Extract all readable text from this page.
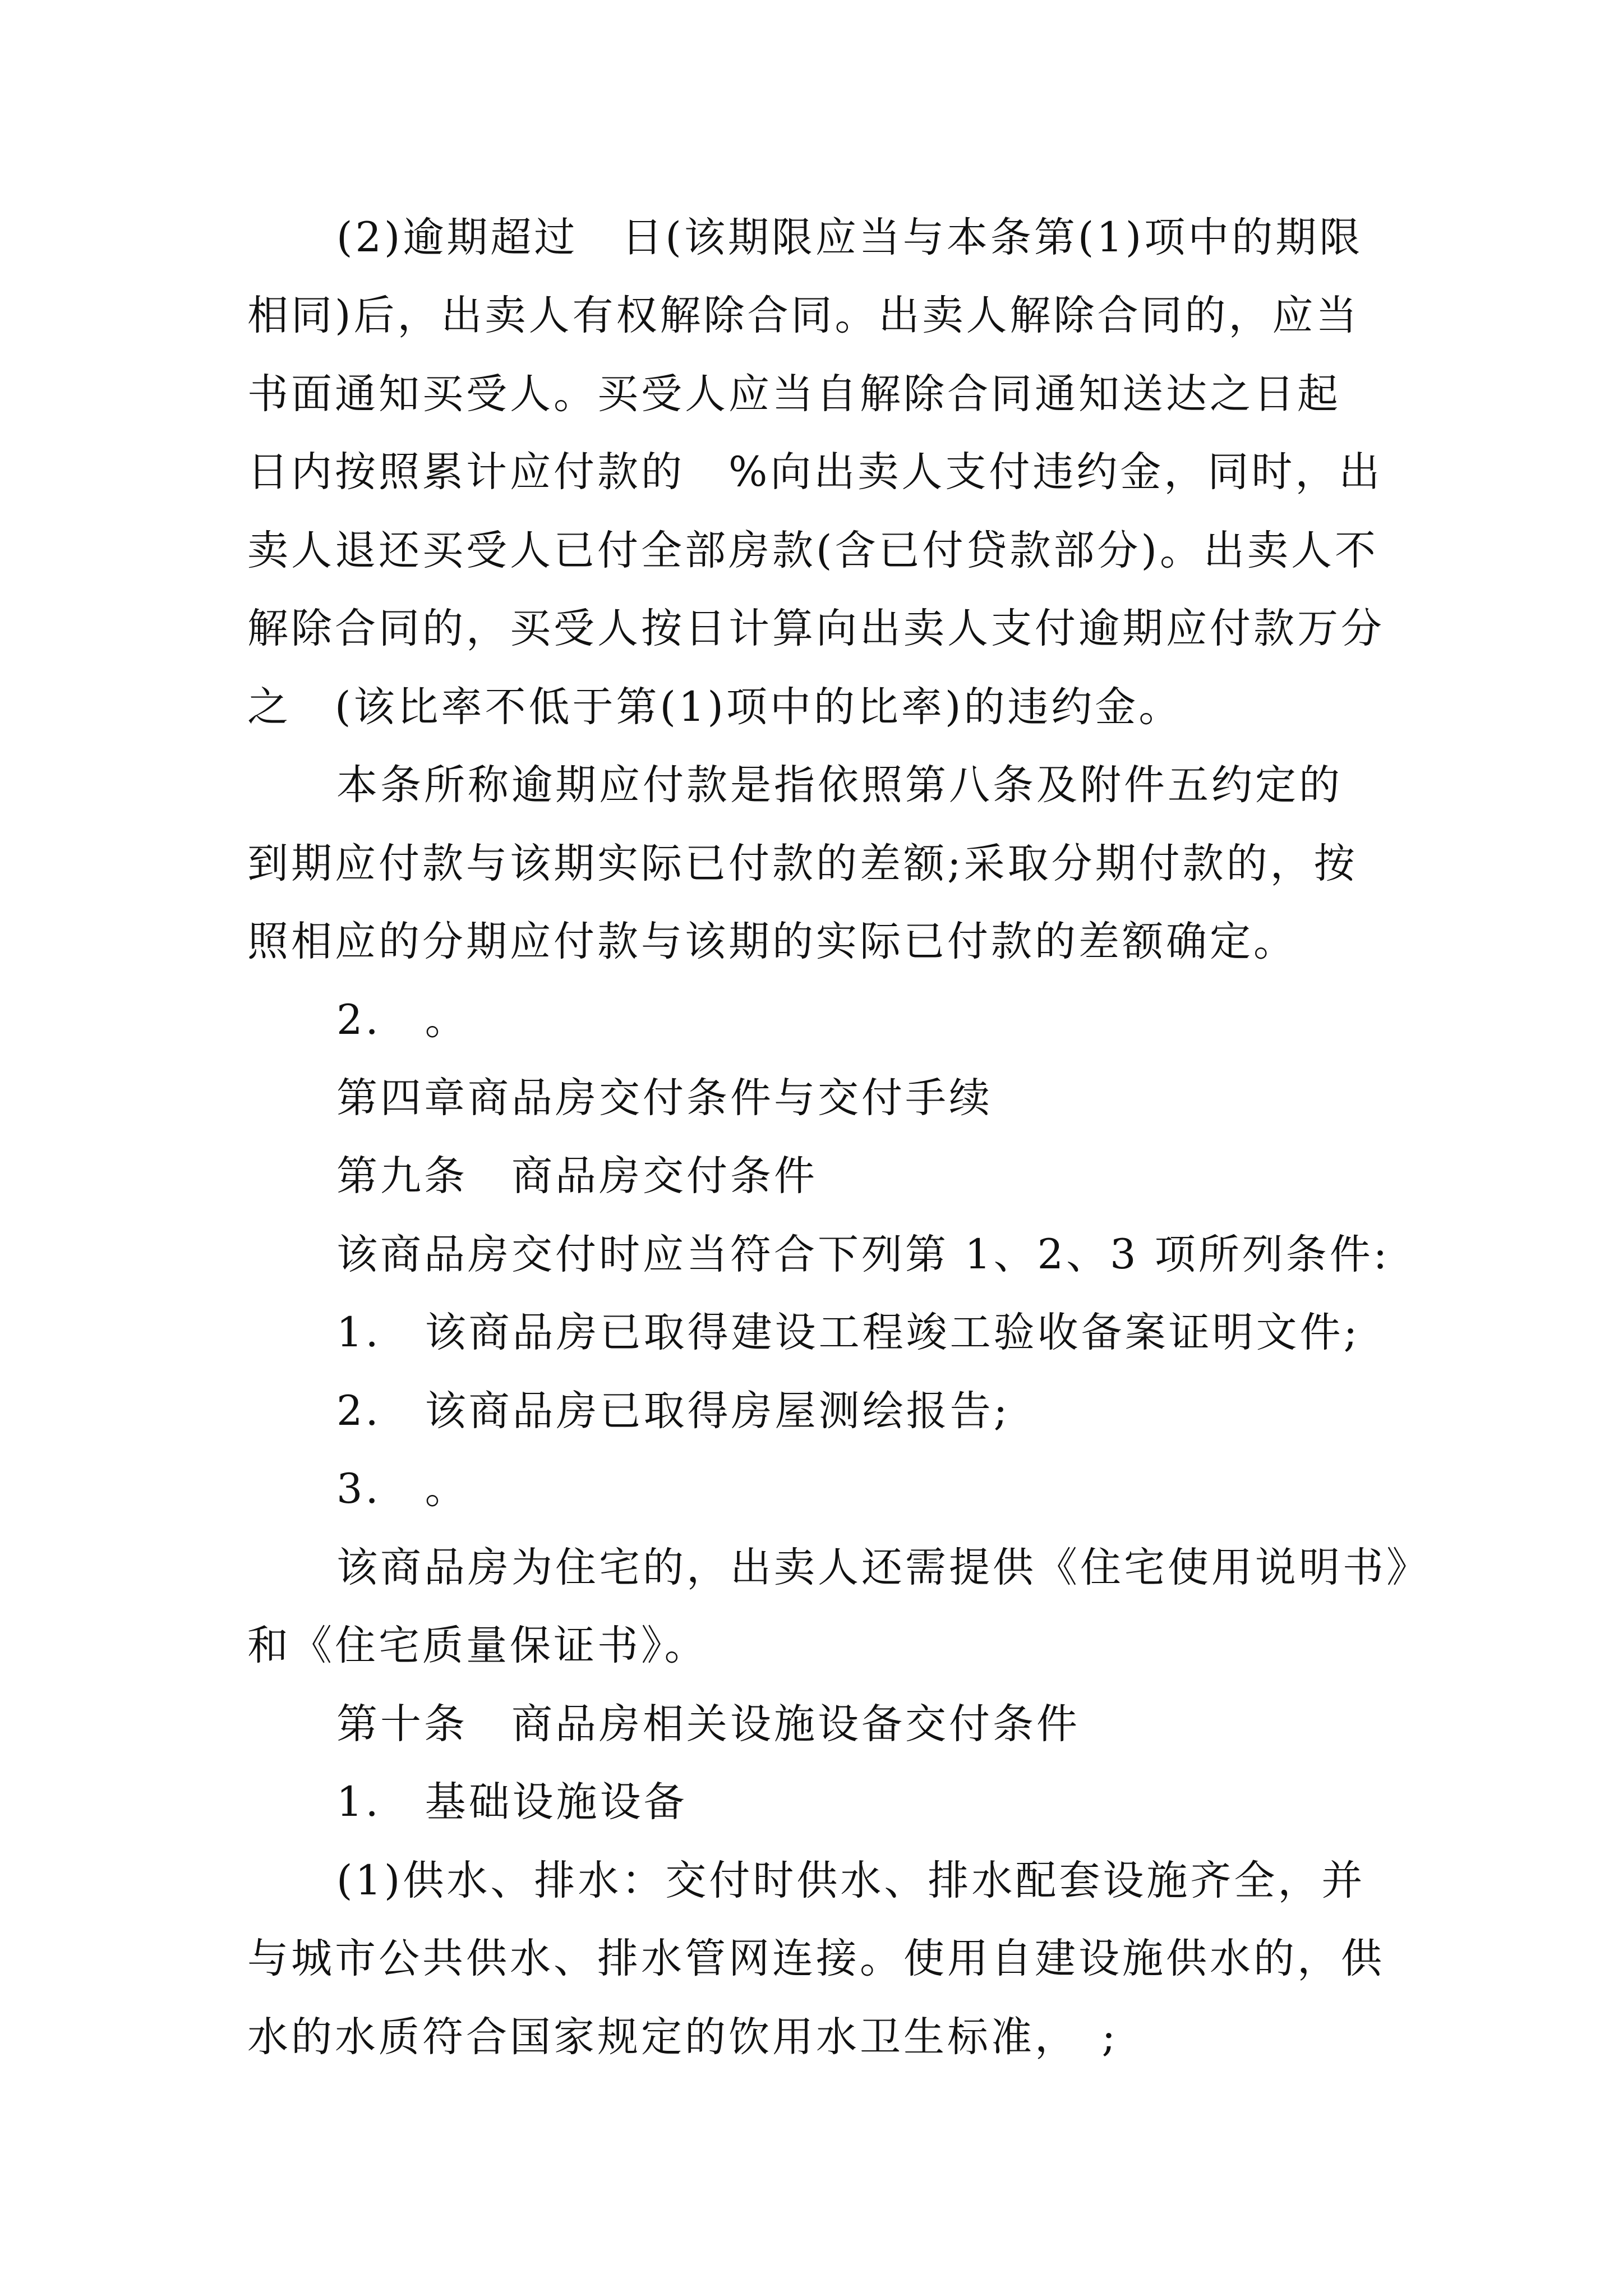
(2)逾期超过　日(该期限应当与本条第(1)项中的期限
相同)后，出卖人有权解除合同。出卖人解除合同的，应当
书面通知买受人。买受人应当自解除合同通知送达之日起
日内按照累计应付款的　%向出卖人支付违约金，同时，出
卖人退还买受人已付全部房款(含已付贷款部分)。出卖人不
解除合同的，买受人按日计算向出卖人支付逾期应付款万分
之　(该比率不低于第(1)项中的比率)的违约金。
本条所称逾期应付款是指依照第八条及附件五约定的
到期应付款与该期实际已付款的差额;采取分期付款的，按
照相应的分期应付款与该期的实际已付款的差额确定。
2.　。
第四章商品房交付条件与交付手续
第九条　商品房交付条件
该商品房交付时应当符合下列第 1、2、3 项所列条件:
1.　该商品房已取得建设工程竣工验收备案证明文件;
2.　该商品房已取得房屋测绘报告;
3.　。
该商品房为住宅的，出卖人还需提供《住宅使用说明书》
和《住宅质量保证书》。
第十条　商品房相关设施设备交付条件
1.　基础设施设备
(1)供水、排水：交付时供水、排水配套设施齐全，并
与城市公共供水、排水管网连接。使用自建设施供水的，供
水的水质符合国家规定的饮用水卫生标准，　;
